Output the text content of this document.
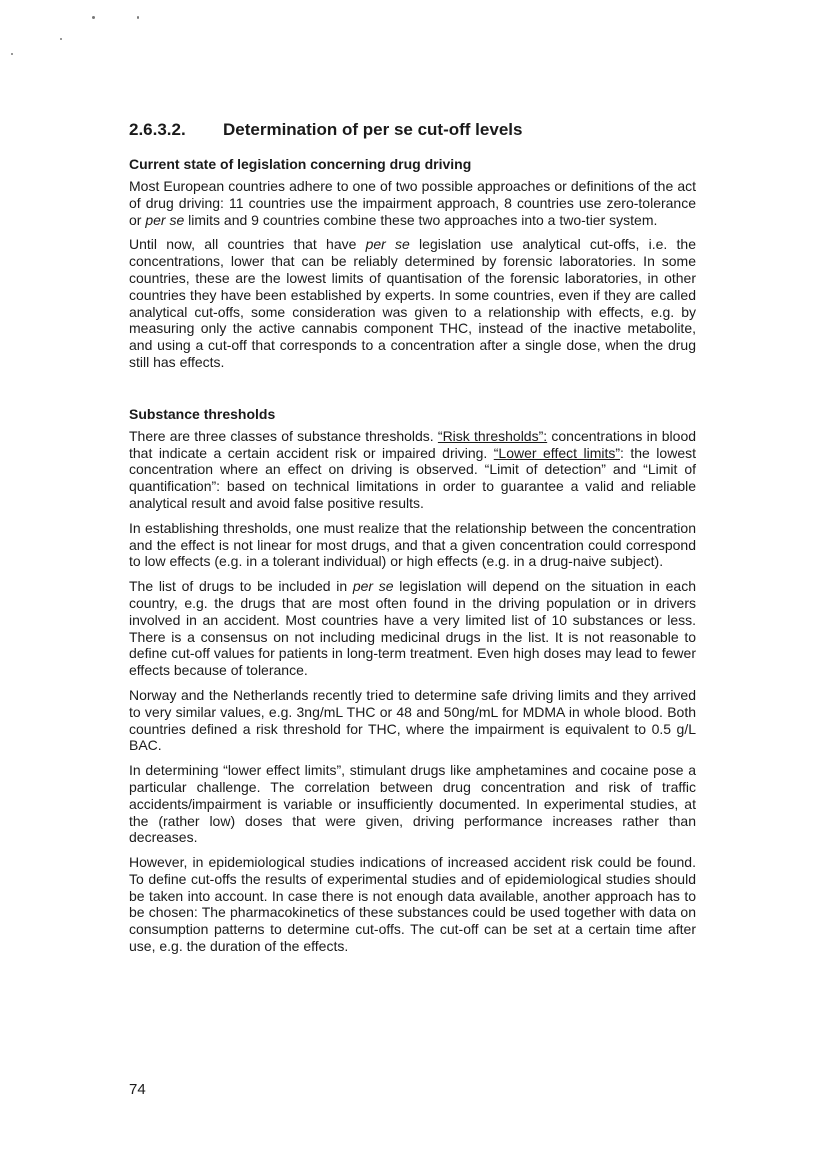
2.6.3.2.	Determination of per se cut-off levels
Current state of legislation concerning drug driving

Most European countries adhere to one of two possible approaches or definitions of the act of drug driving: 11 countries use the impairment approach, 8 countries use zero-tolerance or per se limits and 9 countries combine these two approaches into a two-tier system.

Until now, all countries that have per se legislation use analytical cut-offs, i.e. the concentrations, lower that can be reliably determined by forensic laboratories. In some countries, these are the lowest limits of quantisation of the forensic laboratories, in other countries they have been established by experts. In some countries, even if they are called analytical cut-offs, some consideration was given to a relationship with effects, e.g. by measuring only the active cannabis component THC, instead of the inactive metabolite, and using a cut-off that corresponds to a concentration after a single dose, when the drug still has effects.

Substance thresholds

There are three classes of substance thresholds. “Risk thresholds”: concentrations in blood that indicate a certain accident risk or impaired driving. “Lower effect limits”: the lowest concentration where an effect on driving is observed. “Limit of detection” and “Limit of quantification”: based on technical limitations in order to guarantee a valid and reliable analytical result and avoid false positive results.

In establishing thresholds, one must realize that the relationship between the concentration and the effect is not linear for most drugs, and that a given concentration could correspond to low effects (e.g. in a tolerant individual) or high effects (e.g. in a drug-naive subject).

The list of drugs to be included in per se legislation will depend on the situation in each country, e.g. the drugs that are most often found in the driving population or in drivers involved in an accident. Most countries have a very limited list of 10 substances or less. There is a consensus on not including medicinal drugs in the list. It is not reasonable to define cut-off values for patients in long-term treatment. Even high doses may lead to fewer effects because of tolerance.

Norway and the Netherlands recently tried to determine safe driving limits and they arrived to very similar values, e.g. 3ng/mL THC or 48 and 50ng/mL for MDMA in whole blood. Both countries defined a risk threshold for THC, where the impairment is equivalent to 0.5 g/L BAC.

In determining “lower effect limits”, stimulant drugs like amphetamines and cocaine pose a particular challenge. The correlation between drug concentration and risk of traffic accidents/impairment is variable or insufficiently documented. In experimental studies, at the (rather low) doses that were given, driving performance increases rather than decreases.

However, in epidemiological studies indications of increased accident risk could be found. To define cut-offs the results of experimental studies and of epidemiological studies should be taken into account. In case there is not enough data available, another approach has to be chosen: The pharmacokinetics of these substances could be used together with data on consumption patterns to determine cut-offs. The cut-off can be set at a certain time after use, e.g. the duration of the effects.

74
